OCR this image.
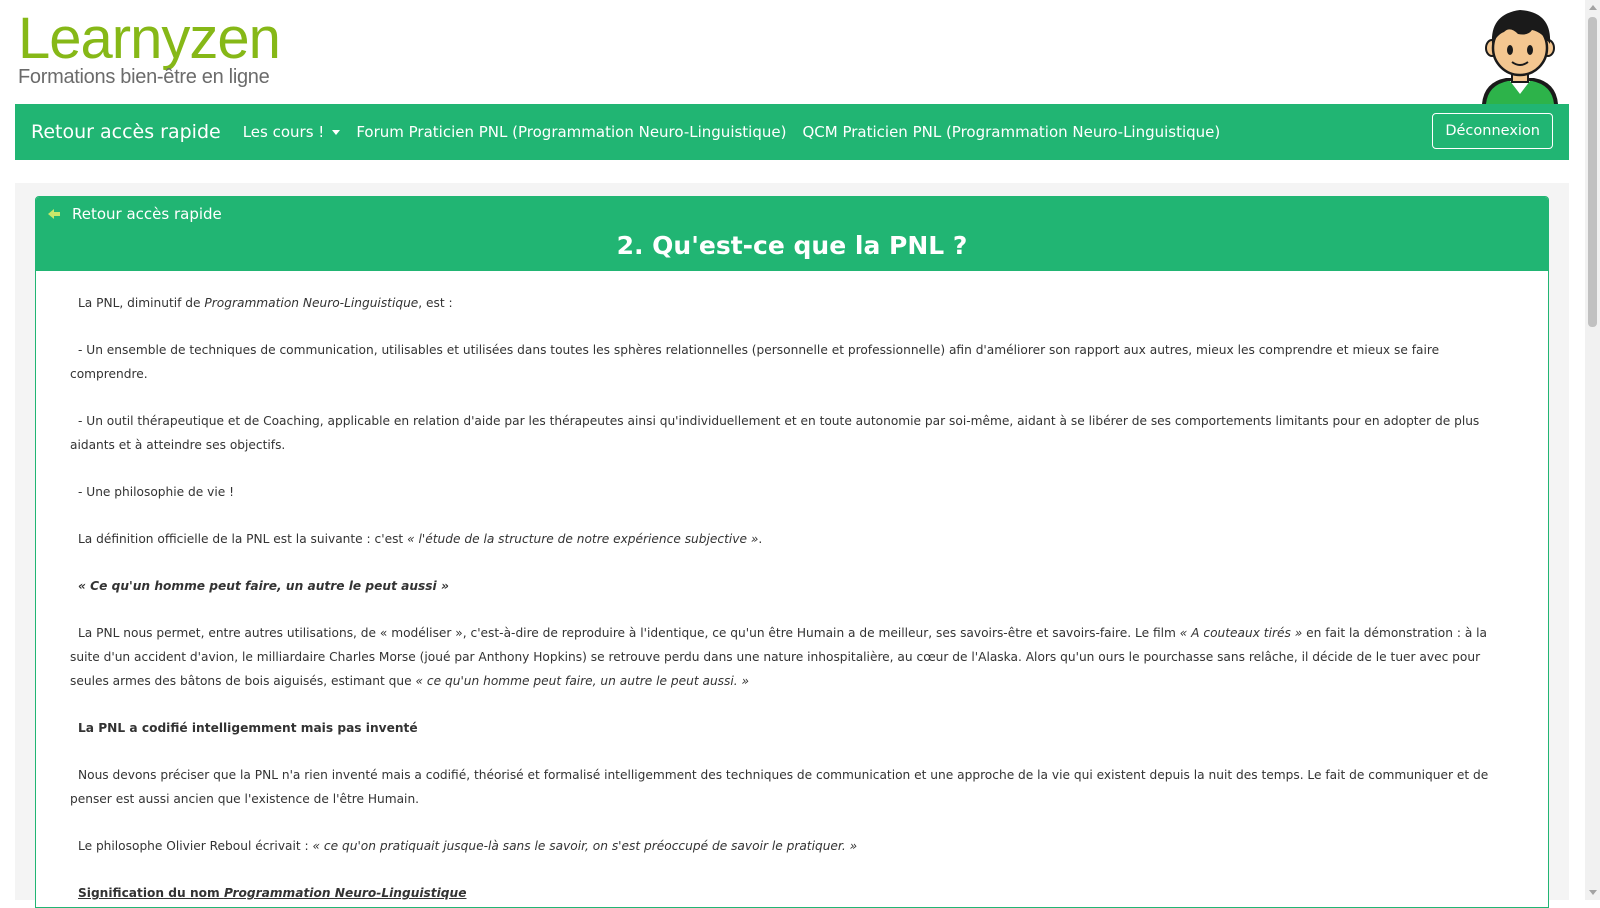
Learnyzen
Formations bien-être en ligne
Retour accès rapide Les cours ! Forum Praticien PNL (Programmation Neuro-Linguistique) QCM Praticien PNL (Programmation Neuro-Linguistique)	Déconnexion
Retour accès rapide
2. Qu'est-ce que la PNL ?

La PNL, diminutif de Programmation Neuro-Linguistique, est :

- Un ensemble de techniques de communication, utilisables et utilisées dans toutes les sphères relationnelles (personnelle et professionnelle) afin d'améliorer son rapport aux autres, mieux les comprendre et mieux se faire comprendre.

- Un outil thérapeutique et de Coaching, applicable en relation d'aide par les thérapeutes ainsi qu'individuellement et en toute autonomie par soi-même, aidant à se libérer de ses comportements limitants pour en adopter de plus aidants et à atteindre ses objectifs.

- Une philosophie de vie !

La définition officielle de la PNL est la suivante : c'est « l'étude de la structure de notre expérience subjective ».

« Ce qu'un homme peut faire, un autre le peut aussi »

La PNL nous permet, entre autres utilisations, de « modéliser », c'est-à-dire de reproduire à l'identique, ce qu'un être Humain a de meilleur, ses savoirs-être et savoirs-faire. Le film « A couteaux tirés » en fait la démonstration : à la suite d'un accident d'avion, le milliardaire Charles Morse (joué par Anthony Hopkins) se retrouve perdu dans une nature inhospitalière, au cœur de l'Alaska. Alors qu'un ours le pourchasse sans relâche, il décide de le tuer avec pour seules armes des bâtons de bois aiguisés, estimant que « ce qu'un homme peut faire, un autre le peut aussi. »

La PNL a codifié intelligemment mais pas inventé

Nous devons préciser que la PNL n'a rien inventé mais a codifié, théorisé et formalisé intelligemment des techniques de communication et une approche de la vie qui existent depuis la nuit des temps. Le fait de communiquer et de penser est aussi ancien que l'existence de l'être Humain.

Le philosophe Olivier Reboul écrivait : « ce qu'on pratiquait jusque-là sans le savoir, on s'est préoccupé de savoir le pratiquer. »

Signification du nom Programmation Neuro-Linguistique
